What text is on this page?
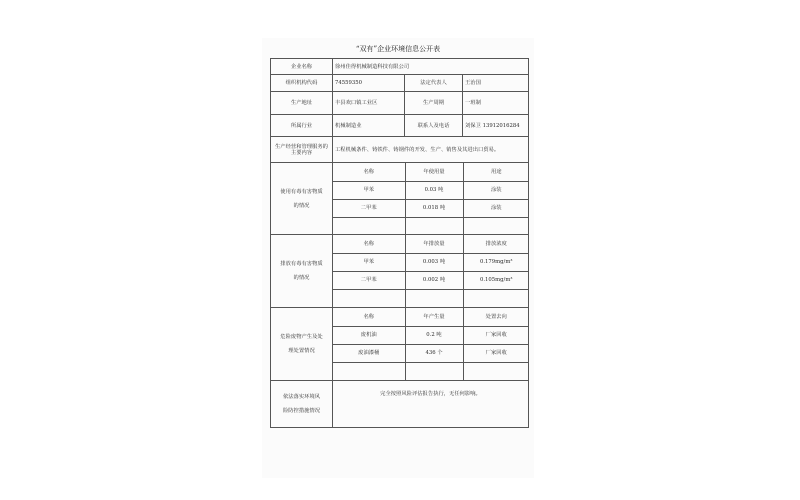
“双有”企业环境信息公开表
企业名称	徐州佳得机械制造科技有限公司
组织机构代码	74559350	法定代表人	王治国
生产地址	丰县欢口镇工业区	生产周期	一班制
所属行业	机械制造业	联系人及电话	刘保卫 13912016284
生产经营和管理服务的主要内容	工程机械条件、铸铁件、铸钢件的开发、生产、销售及其进出口贸易。

使用有毒有害物质
的情况

名称	年使用量	用途
甲苯	0.03 吨	涂装
二甲苯	0.018 吨	涂装

排放有毒有害物质
的情况

名称	年排放量	排放浓度
甲苯	0.003 吨	0.179mg/m³
二甲苯	0.002 吨	0.105mg/m³

危险废物产生及处
理处置情况

名称	年产生量	处置去向
废机油	0.2 吨	厂家回收
废油漆桶	436 个	厂家回收

依法落实环境风
险防控措施情况
	完全按照风险评估报告执行，无任何影响。
